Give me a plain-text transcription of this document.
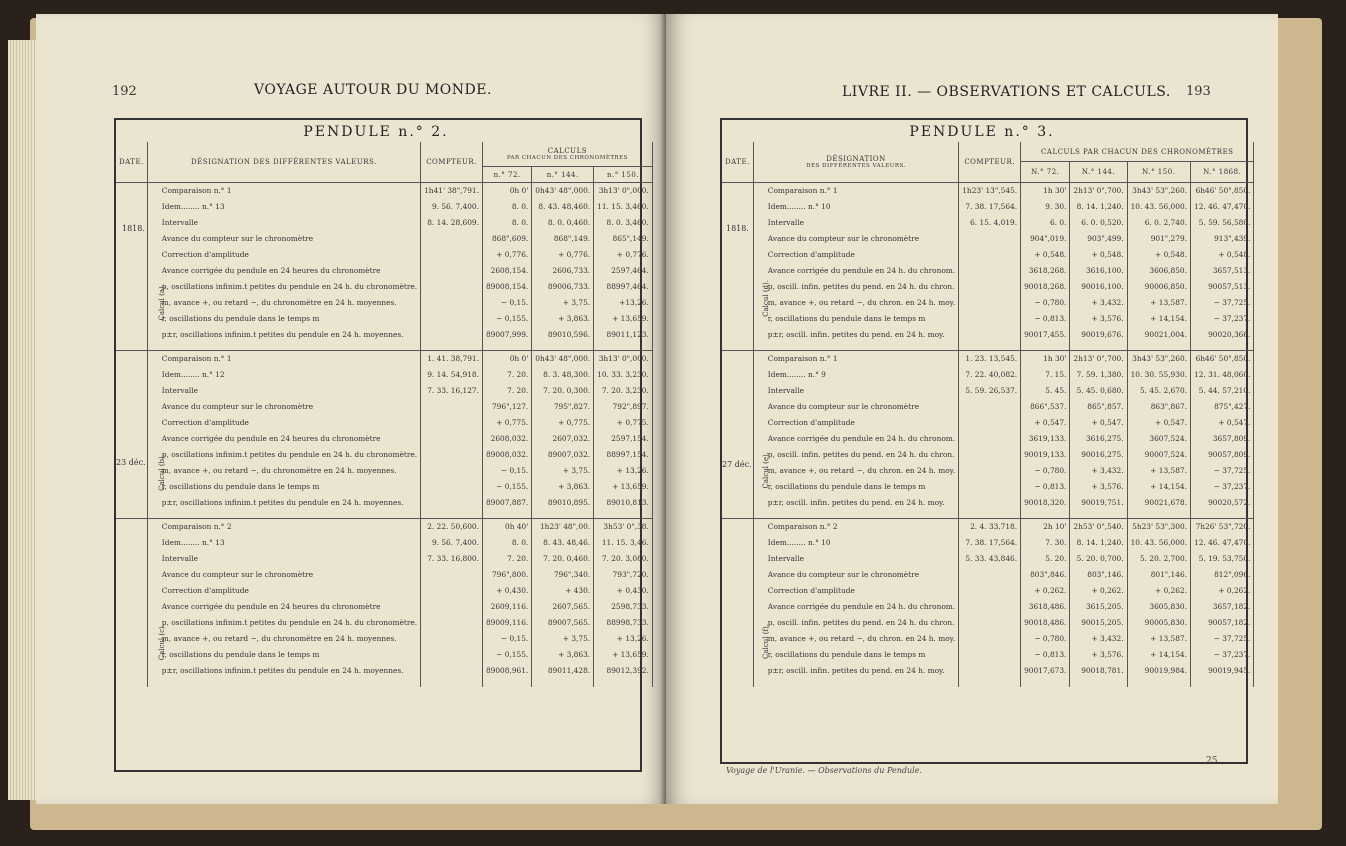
192	VOYAGE AUTOUR DU MONDE.
PENDULE n.° 2.
1818.
23 déc.
Calcul (a).
Calcul (b).
Calcul (c).
DATE.	DÉSIGNATION DES DIFFÉRENTES VALEURS.	COMPTEUR.	CALCULS
PAR CHACUN DES CHRONOMÈTRES		

			n.° 72.	n.° 144.	n.° 150.
	Comparaison n.° 1	1h41' 38",791.	0h 0'	0h43' 48",000.	3h13' 0",000.
	Idem........ n.° 13	9. 56. 7,400.	8. 0.	8. 43. 48,460.	11. 15. 3,460.
	Intervalle	8. 14. 28,609.	8. 0.	8. 0. 0,460.	8. 0. 3,460.
	Avance du compteur sur le chronomètre		868",609.	868",149.	865",149.
	Correction d'amplitude		+ 0,776.	+ 0,776.	+ 0,776.
	Avance corrigée du pendule en 24 heures du chronomètre		2608,154.	2606,733.	2597,464.
	p, oscillations infinim.t petites du pendule en 24 h. du chronomètre.		89008,154.	89006,733.	88997,464.
	m, avance +, ou retard −, du chronomètre en 24 h. moyennes.		− 0,15.	+ 3,75.	+13,26.
	r, oscillations du pendule dans le temps m		− 0,155.	+ 3,863.	+ 13,659.
	p±r, oscillations infinim.t petites du pendule en 24 h. moyennes.		89007,999.	89010,596.	89011,123.

	Comparaison n.° 1	1. 41. 38,791.	0h 0'	0h43' 48",000.	3h13' 0",000.
	Idem........ n.° 12	9. 14. 54,918.	7. 20.	8. 3. 48,300.	10. 33. 3,230.
	Intervalle	7. 33. 16,127.	7. 20.	7. 20. 0,300.	7. 20. 3,230.
	Avance du compteur sur le chronomètre		796",127.	795",827.	792",897.
	Correction d'amplitude		+ 0,775.	+ 0,775.	+ 0,775.
	Avance corrigée du pendule en 24 heures du chronomètre		2608,032.	2607,032.	2597,154.
	p, oscillations infinim.t petites du pendule en 24 h. du chronomètre.		89008,032.	89007,032.	88997,154.
	m, avance +, ou retard −, du chronomètre en 24 h. moyennes.		− 0,15.	+ 3,75.	+ 13,26.
	r, oscillations du pendule dans le temps m		− 0,155.	+ 3,863.	+ 13,659.
	p±r, oscillations infinim.t petites du pendule en 24 h. moyennes.		89007,887.	89010,895.	89010,813.

	Comparaison n.° 2	2. 22. 50,600.	0h 40'	1h23' 48",00.	3h53' 0",38.
	Idem........ n.° 13	9. 56. 7,400.	8. 0.	8. 43. 48,46.	11. 15. 3,46.
	Intervalle	7. 33. 16,800.	7. 20.	7. 20. 0,460.	7. 20. 3,080.
	Avance du compteur sur le chronomètre		796",800.	796",340.	793",720.
	Correction d'amplitude		+ 0,430.	+ 430.	+ 0,430.
	Avance corrigée du pendule en 24 heures du chronomètre		2609,116.	2607,565.	2598,733.
	p, oscillations infinim.t petites du pendule en 24 h. du chronomètre.		89009,116.	89007,565.	88998,733.
	m, avance +, ou retard −, du chronomètre en 24 h. moyennes.		− 0,15.	+ 3,75.	+ 13,26.
	r, oscillations du pendule dans le temps m		− 0,155.	+ 3,863.	+ 13,659.
	p±r, oscillations infinim.t petites du pendule en 24 h. moyennes.		89008,961.	89011,428.	89012,392.

LIVRE II. — OBSERVATIONS ET CALCULS. 193
PENDULE n.° 3.
1818.
27 déc.
Calcul (d).
Calcul (e).
Calcul (f).
DATE.	DÉSIGNATION
DES DIFFÉRENTES VALEURS.	COMPTEUR.	CALCULS PAR CHACUN DES CHRONOMÈTRES			
			N.° 72.	N.° 144.	N.° 150.	N.° 1868.
	Comparaison n.° 1	1h23' 13",545.	1h 30'	2h13' 0",700.	3h43' 53",260.	6h46' 50",850.
	Idem........ n.° 10	7. 38. 17,564.	9. 30.	8. 14. 1,240.	10. 43. 56,000.	12. 46. 47,470.
	Intervalle	6. 15. 4,019.	6. 0.	6. 0. 0,520.	6. 0. 2,740.	5. 59. 56,580.
	Avance du compteur sur le chronomètre		904",019.	903",499.	901",279.	913",439.
	Correction d'amplitude		+ 0,548.	+ 0,548.	+ 0,548.	+ 0,548.
	Avance corrigée du pendule en 24 h. du chronom.		3618,268.	3616,100.	3606,850.	3657,513.
	p, oscill. infin. petites du pend. en 24 h. du chron.		90018,268.	90016,100.	90006,850.	90057,513.
	m, avance +, ou retard −, du chron. en 24 h. moy.		− 0,780.	+ 3,432.	+ 13,587.	− 37,725.
	r, oscillations du pendule dans le temps m		− 0,813.	+ 3,576.	+ 14,154.	− 37,237.
	p±r, oscill. infin. petites du pend. en 24 h. moy.		90017,455.	90019,676.	90021,004.	90020,366.

	Comparaison n.° 1	1. 23. 13,545.	1h 30'	2h13' 0",700.	3h43' 53",260.	6h46' 50",850.
	Idem........ n.° 9	7. 22. 40,082.	7. 15.	7. 59. 1,380.	10. 30. 55,930.	12. 31. 48,060.
	Intervalle	5. 59. 26,537.	5. 45.	5. 45. 0,680.	5. 45. 2,670.	5. 44. 57,210.
	Avance du compteur sur le chronomètre		866",537.	865",857.	863",867.	875",427.
	Correction d'amplitude		+ 0,547.	+ 0,547.	+ 0,547.	+ 0,547.
	Avance corrigée du pendule en 24 h. du chronom.		3619,133.	3616,275.	3607,524.	3657,809.
	p, oscill. infin. petites du pend. en 24 h. du chron.		90019,133.	90016,275.	90007,524.	90057,809.
	m, avance +, ou retard −, du chron. en 24 h. moy.		− 0,780.	+ 3,432.	+ 13,587.	− 37,725.
	r, oscillations du pendule dans le temps m		− 0,813.	+ 3,576.	+ 14,154.	− 37,237.
	p±r, oscill. infin. petites du pend. en 24 h. moy.		90018,320.	90019,751.	90021,678.	90020,572.

	Comparaison n.° 2	2. 4. 33,718.	2h 10'	2h53' 0",540.	5h23' 53",300.	7h26' 53",720.
	Idem........ n.° 10	7. 38. 17,564.	7. 30.	8. 14. 1,240.	10. 43. 56,000.	12. 46. 47,470.
	Intervalle	5. 33. 43,846.	5. 20.	5. 20. 0,700.	5. 20. 2,700.	5. 19. 53,750.
	Avance du compteur sur le chronomètre		803",846.	803",146.	801",146.	812",096.
	Correction d'amplitude		+ 0,262.	+ 0,262.	+ 0,262.	+ 0,262.
	Avance corrigée du pendule en 24 h. du chronom.		3618,486.	3615,205.	3605,830.	3657,182.
	p, oscill. infin. petites du pend. en 24 h. du chron.		90018,486.	90015,205.	90005,830.	90057,182.
	m, avance +, ou retard −, du chron. en 24 h. moy.		− 0,780.	+ 3,432.	+ 13,587.	− 37,725.
	r, oscillations du pendule dans le temps m		− 0,813.	+ 3,576.	+ 14,154.	− 37,237.
	p±r, oscill. infin. petites du pend. en 24 h. moy.		90017,673.	90018,781.	90019,984.	90019,945.

Voyage de l'Uranie. — Observations du Pendule.
25
